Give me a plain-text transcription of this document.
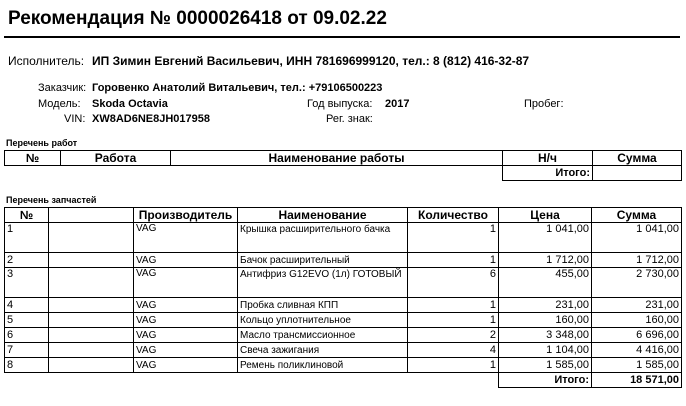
Рекомендация № 0000026418 от 09.02.22
Исполнитель: ИП Зимин Евгений Васильевич, ИНН 781696999120, тел.: 8 (812) 416-32-87
Заказчик: Горовенко Анатолий Витальевич, тел.: +79106500223
Модель: Skoda Octavia	Год выпуска: 2017	Пробег:
VIN: XW8AD6NE8JH017958	Рег. знак:
Перечень работ
№	Работа	Наименование работы	Н/ч	Сумма
			Итого:	
Перечень запчастей
№		Производитель	Наименование	Количество	Цена	Сумма
1		VAG	Крышка расширительного бачка	1	1 041,00	1 041,00
2		VAG	Бачок расширительный	1	1 712,00	1 712,00
3		VAG	Антифриз G12EVO (1л) ГОТОВЫЙ	6	455,00	2 730,00
4		VAG	Пробка сливная КПП	1	231,00	231,00
5		VAG	Кольцо уплотнительное	1	160,00	160,00
6		VAG	Масло трансмиссионное	2	3 348,00	6 696,00
7		VAG	Свеча зажигания	4	1 104,00	4 416,00
8		VAG	Ремень поликлиновой	1	1 585,00	1 585,00
					Итого:	18 571,00
